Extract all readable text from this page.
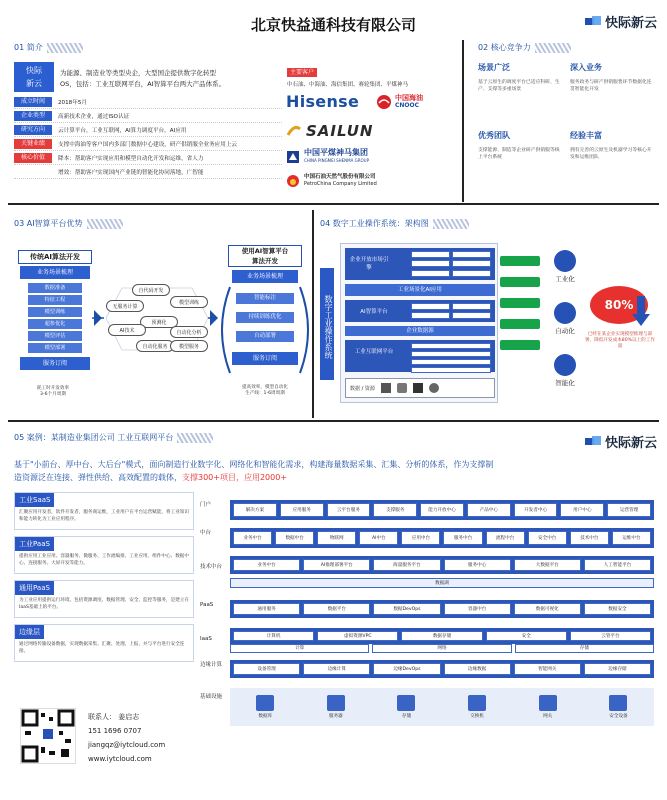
北京快益通科技有限公司	快际新云
01 简介
快际
新云
为能源、制造业等类型央企，大型国企提供数字化转型
OS，包括：工业互联网平台，AI智算平台两大产品体系。
成立时间	2018年5月
企业类型	高新技术企业，通过ISO认证
研究方向	云计算平台，工业互联网，AI算力调度平台，AI应用
关键业绩	支撑中海油等客户国内多部门数据中心建设，研产供销服全业务应用上云
核心价值	降本：帮助客户实现应用和模型自动化开发和运维，省人力
增效：帮助客户实现国内产业链的智能化协同落地，广智能
主要客户
中石油、中海油、海信集团、赛轮集团、平煤神马
Hisense	中国海油
CNOOC
SAILUN
中国平煤神马集团
CHINA PINGMEI SHENMA GROUP
中国石油天然气股份有限公司
PetroChina Company Limited
02 核心竞争力
场景广泛
基于云原生的调度平台已适应科研、生产、支撑等多重场景
深入业务
服务政务与研产供销服售环节数据化连贯智能化开发
优秀团队
支撑能源、制造等企业研产供销服等线上平台系统
经验丰富
拥有完善的云原生及机器学习等核心开发和运维团队
03 AI智算平台优势
传统AI算法开发
业务场景梳理
数据准备
特征工程
模型训练
超参优化
模型评估
模型部署
服务订阅
耗工时开发效率
3-6个月周期
自代码开发
模型训练
无服务计算
预测化
AI技术	自动化分析
自动化服务	模型服务
使用AI智算平台
算法开发
业务场景梳理
智能标注
持续训练优化
自动部署
服务订阅
提高效率，模型自动化
生产线：1-6周周期
04 数字工业操作系统：架构图
数字工业操作系统
企业开放市场引擎
工业场景化AI应用
AI智算平台
企业数据源
工业互联网平台
数据 / 资源
工业化
自动化
智能化
80%
已经在某企业实现模型推理与部署，降低开发成本80%以上的工作量
05 案例：某制造业集团公司 工业互联网平台	快际新云
基于"小前台、厚中台、大后台"模式，面向制造行业数字化、网络化和智能化需求，构建海量数据采集、汇集、分析的体系，作为支撑制
造资源泛在连接、弹性供给、高效配置的载体，支撑300+项目，应用2000+
工业SaaS
汇聚应用开发者，软件开发者，服务商运维，工业用户在平台运营赋能，将工业知识和能力转化为工业应用程序。
工业PaaS
提供应用工业应用、容器服务、微服务、工作流编排、工业应用、组件中心、数据中心、连接服务、大屏开发等能力。
通用PaaS
为工业应用提供运行环境，包括资源调度、数据管理、安全、监控等服务，是建立在IaaS基础上的平台。
边缘层
通过网络传输设备数据，实现数据采集、汇聚、处理、上报，并与平台进行安全连接。
门户
中台
技术中台
PaaS
IaaS
边缘计算
基础设施
解决方案	应用服务	云平台服务	支撑服务	能力开放中心	产品中心	开发者中心	用户中心	运营管理
业务中台	数据中台	物联网	AI中台	应用中台	服务中台	流程中台	安全中台	技术中台	运维中台
业务中台	AI推理部署平台	海量服务平台	服务中心	大数据平台	人工智能平台
通用服务	数据平台	数据DevOps	容器中台	数据可视化	数据安全
计算机	虚拟资源VPC	数据存储	安全	云管平台
设备管理	边缘计算	边缘DevOps	边缘数据	智能网关	边缘存储
数据湖
计算	网络	存储
数据库	服务器	存储	交换机	网关	安全设备
联系人： 姜启志
151 1696 0707
jiangqz@iytcloud.com
www.iytcloud.com
